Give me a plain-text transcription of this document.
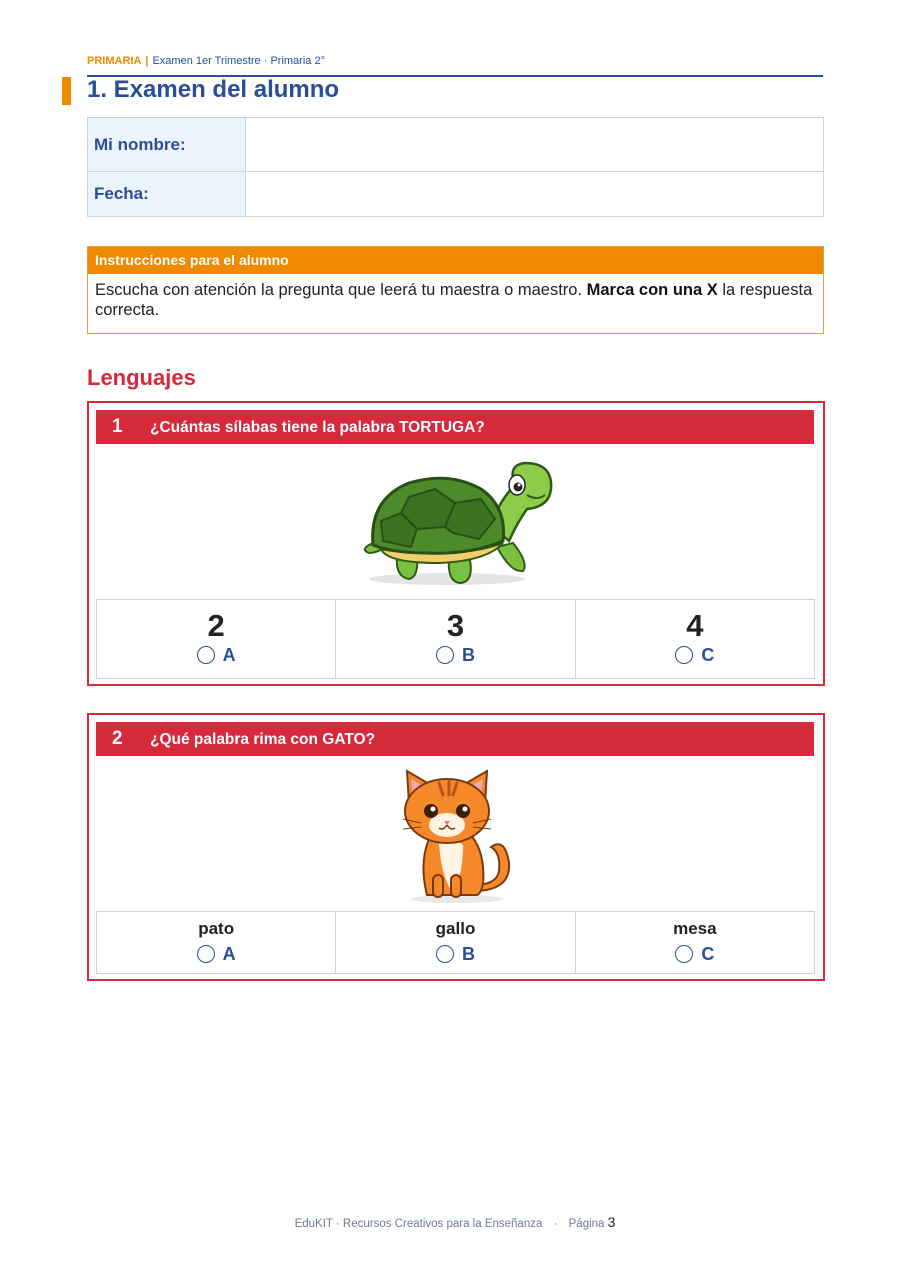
PRIMARIA | Examen 1er Trimestre · Primaria 2°
1. Examen del alumno
Mi nombre:	
Fecha:	
Instrucciones para el alumno
Escucha con atención la pregunta que leerá tu maestra o maestro. Marca con una X la respuesta correcta.
Lenguajes
1 ¿Cuántas sílabas tiene la palabra TORTUGA?
2
A

3
B

4
C
2 ¿Qué palabra rima con GATO?
pato
A

gallo
B

mesa
C
EduKIT · Recursos Creativos para la Enseñanza · Página 3
